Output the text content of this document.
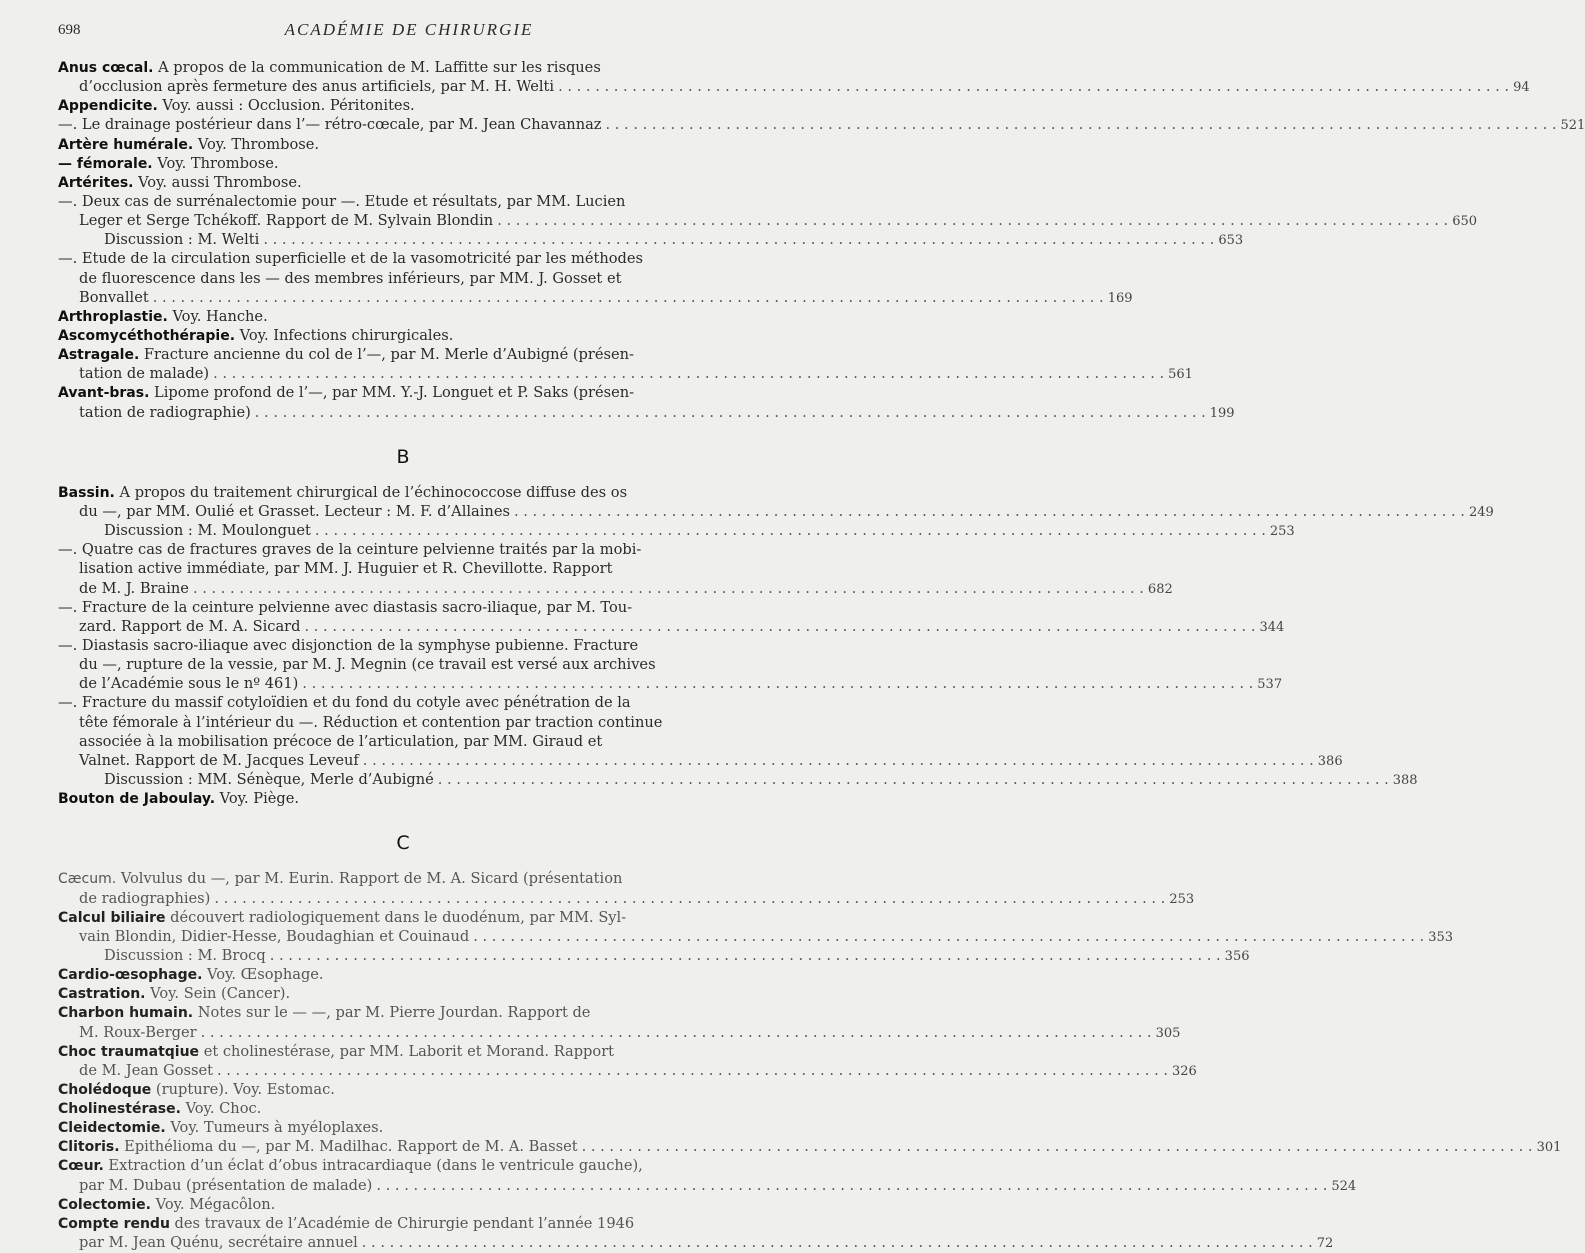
698	ACADÉMIE DE CHIRURGIE
Anus cœcal. A propos de la communication de M. Laffitte sur les risques
d’occlusion après fermeture des anus artificiels, par M. H. Welti . . .	94
Appendicite. Voy. aussi : Occlusion. Péritonites.
—. Le drainage postérieur dans l’— rétro-cœcale, par M. Jean Chavannaz . . .	521
Artère humérale. Voy. Thrombose.
— fémorale. Voy. Thrombose.
Artérites. Voy. aussi Thrombose.
—. Deux cas de surrénalectomie pour —. Etude et résultats, par MM. Lucien
Leger et Serge Tchékoff. Rapport de M. Sylvain Blondin . . .	650
Discussion : M. Welti . . .	653
—. Etude de la circulation superficielle et de la vasomotricité par les méthodes
de fluorescence dans les — des membres inférieurs, par MM. J. Gosset et
Bonvallet . . .	169
Arthroplastie. Voy. Hanche.
Ascomycéthothérapie. Voy. Infections chirurgicales.
Astragale. Fracture ancienne du col de l’—, par M. Merle d’Aubigné (présen-
tation de malade) . . .	561
Avant-bras. Lipome profond de l’—, par MM. Y.-J. Longuet et P. Saks (présen-
tation de radiographie) . . .	199
B
Bassin. A propos du traitement chirurgical de l’échinococcose diffuse des os
du —, par MM. Oulié et Grasset. Lecteur : M. F. d’Allaines . . .	249
Discussion : M. Moulonguet . . .	253
—. Quatre cas de fractures graves de la ceinture pelvienne traités par la mobi-
lisation active immédiate, par MM. J. Huguier et R. Chevillotte. Rapport
de M. J. Braine . . .	682
—. Fracture de la ceinture pelvienne avec diastasis sacro-iliaque, par M. Tou-
zard. Rapport de M. A. Sicard . . .	344
—. Diastasis sacro-iliaque avec disjonction de la symphyse pubienne. Fracture
du —, rupture de la vessie, par M. J. Megnin (ce travail est versé aux archives
de l’Académie sous le nº 461) . . .	537
—. Fracture du massif cotyloïdien et du fond du cotyle avec pénétration de la
tête fémorale à l’intérieur du —. Réduction et contention par traction continue
associée à la mobilisation précoce de l’articulation, par MM. Giraud et
Valnet. Rapport de M. Jacques Leveuf . . .	386
Discussion : MM. Sénèque, Merle d’Aubigné . . .	388
Bouton de Jaboulay. Voy. Piège.
C
Cæcum. Volvulus du —, par M. Eurin. Rapport de M. A. Sicard (présentation
de radiographies) . . .	253
Calcul biliaire découvert radiologiquement dans le duodénum, par MM. Syl-
vain Blondin, Didier-Hesse, Boudaghian et Couinaud . . .	353
Discussion : M. Brocq . . .	356
Cardio-œsophage. Voy. Œsophage.
Castration. Voy. Sein (Cancer).
Charbon humain. Notes sur le — —, par M. Pierre Jourdan. Rapport de
M. Roux-Berger . . .	305
Choc traumatqiue et cholinestérase, par MM. Laborit et Morand. Rapport
de M. Jean Gosset . . .	326
Cholédoque (rupture). Voy. Estomac.
Cholinestérase. Voy. Choc.
Cleidectomie. Voy. Tumeurs à myéloplaxes.
Clitoris. Epithélioma du —, par M. Madilhac. Rapport de M. A. Basset . . .	301
Cœur. Extraction d’un éclat d’obus intracardiaque (dans le ventricule gauche),
par M. Dubau (présentation de malade) . . .	524
Colectomie. Voy. Mégacôlon.
Compte rendu des travaux de l’Académie de Chirurgie pendant l’année 1946
par M. Jean Quénu, secrétaire annuel . . .	72
